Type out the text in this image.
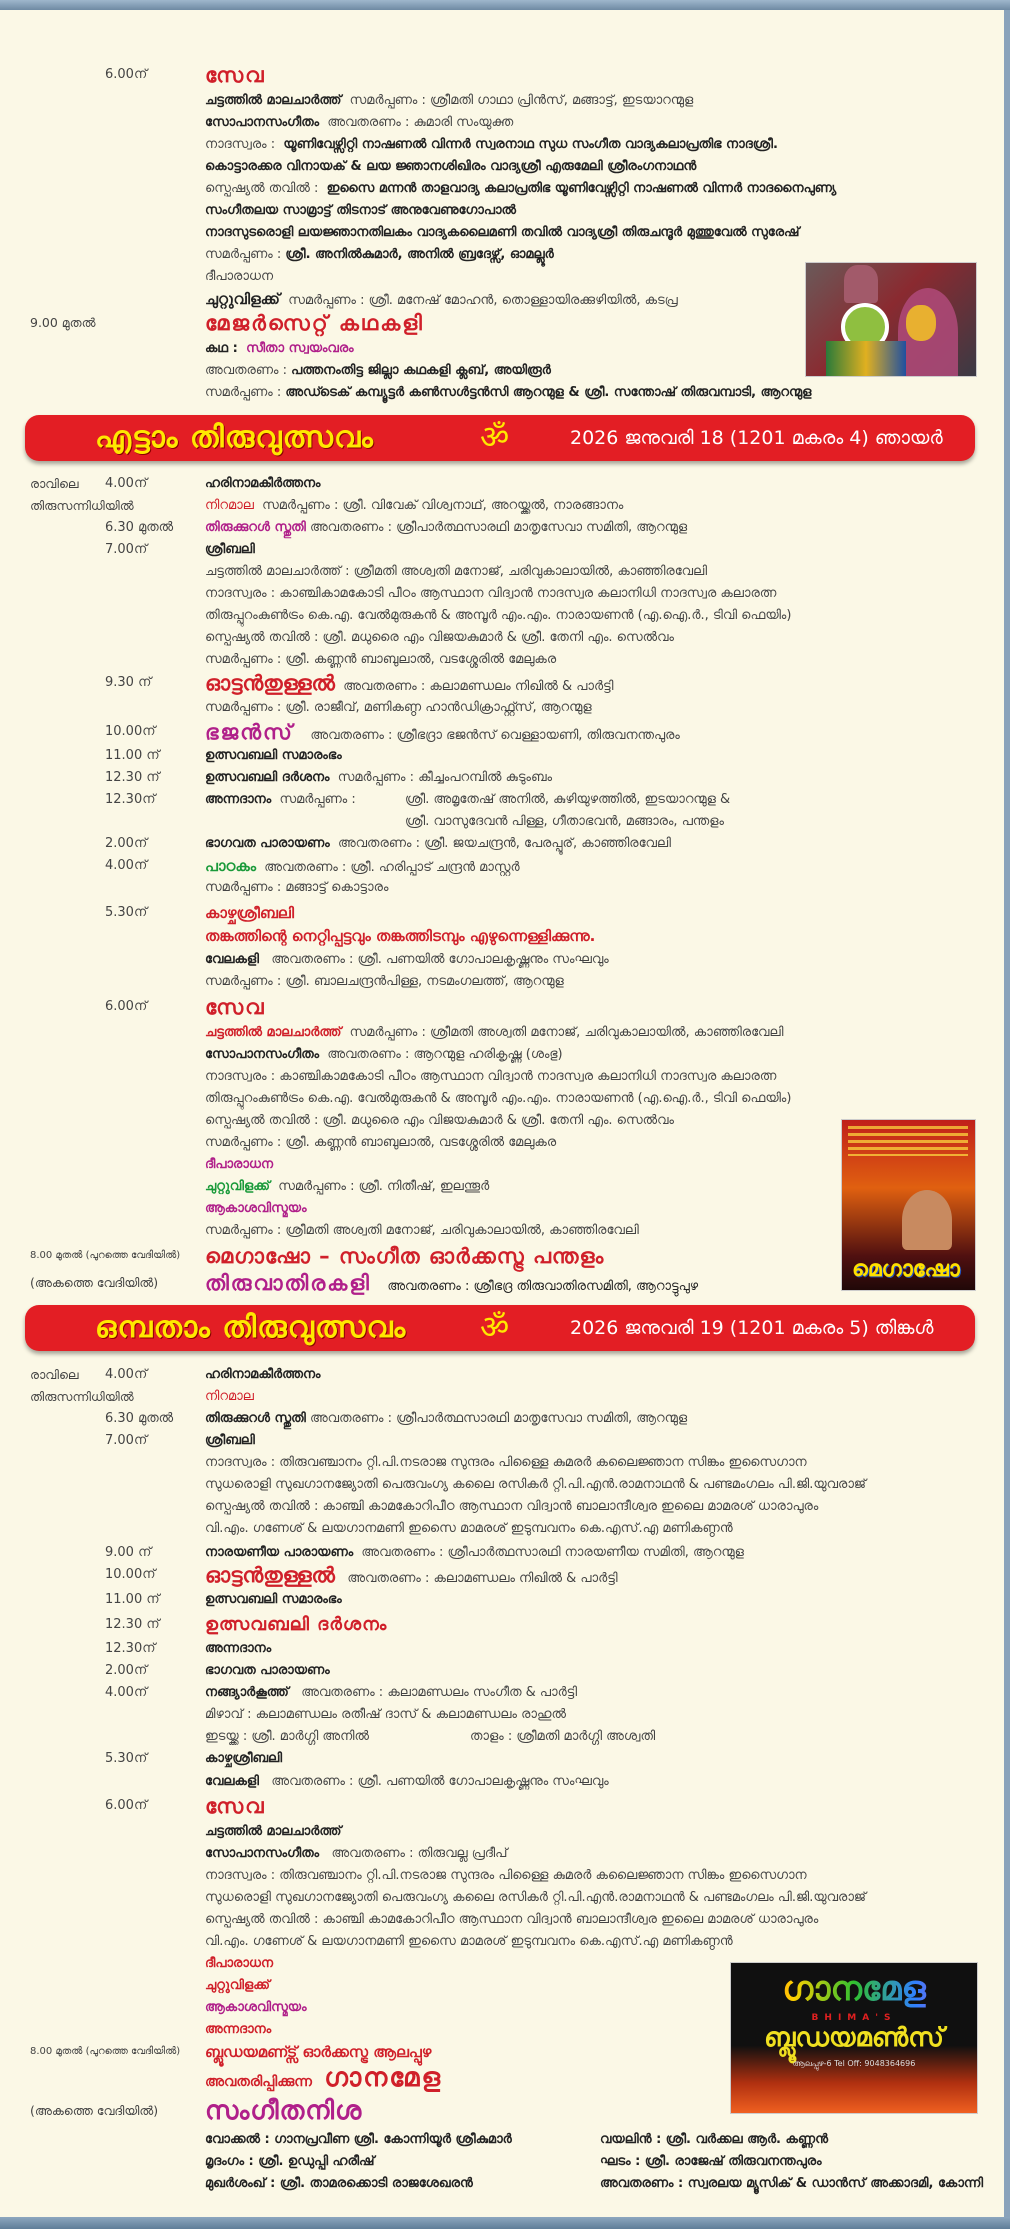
6.00ന്	സേവ
ചട്ടത്തിൽ മാലചാർത്ത് സമർപ്പണം : ശ്രീമതി ഗാഥാ പ്രിൻസ്, മങ്ങാട്ട്, ഇടയാറന്മുള
സോപാനസംഗീതം അവതരണം : കുമാരി സംയുക്ത
നാദസ്വരം : യൂണിവേഴ്സിറ്റി നാഷണൽ വിന്നർ സ്വരനാഥ സുധ സംഗീത വാദ്യകലാപ്രതിഭ നാദശ്രീ.
കൊട്ടാരക്കര വിനായക് & ലയ ജ്ഞാനശിഖിരം വാദ്യശ്രീ എരുമേലി ശ്രീരംഗനാഥൻ
സ്പെഷ്യൽ തവിൽ : ഇസൈ മന്നൻ താളവാദ്യ കലാപ്രതിഭ യൂണിവേഴ്സിറ്റി നാഷണൽ വിന്നർ നാദനൈപുണ്യ
സംഗീതലയ സാമ്രാട്ട് തിടനാട് അനുവേണുഗോപാൽ
നാദസുടരൊളി ലയജ്ഞാനതിലകം വാദ്യകലൈമണി തവിൽ വാദ്യശ്രീ തിരുചന്ദൂർ മുത്തുവേൽ സുരേഷ്
സമർപ്പണം : ശ്രീ. അനിൽകുമാർ, അനിൽ ബ്രദേഴ്സ്, ഓമല്ലൂർ
ദീപാരാധന
ചുറ്റുവിളക്ക് സമർപ്പണം : ശ്രീ. മനേഷ് മോഹൻ, തൊള്ളായിരക്കുഴിയിൽ, കടപ്ര
9.00 മുതൽ	മേജർസെറ്റ് കഥകളി
കഥ : സീതാ സ്വയംവരം
അവതരണം : പത്തനംതിട്ട ജില്ലാ കഥകളി ക്ലബ്, അയിരൂർ
സമർപ്പണം : അഡ്ടെക് കമ്പ്യൂട്ടർ കൺസൾട്ടൻസി ആറന്മുള & ശ്രീ. സന്തോഷ് തിരുവമ്പാടി, ആറന്മുള
എട്ടാം തിരുവുത്സവം	ॐ	2026 ജനുവരി 18 (1201 മകരം 4) ഞായർ
രാവിലെ 4.00ന്	ഹരിനാമകീർത്തനം
തിരുസന്നിധിയിൽ	നിറമാല സമർപ്പണം : ശ്രീ. വിവേക് വിശ്വനാഥ്, അറയ്ക്കൽ, നാരങ്ങാനം
6.30 മുതൽ തിരുക്കുറൾ സ്തുതി അവതരണം : ശ്രീപാർത്ഥസാരഥി മാതൃസേവാ സമിതി, ആറന്മുള
7.00ന്	ശ്രീബലി
ചട്ടത്തിൽ മാലചാർത്ത് : ശ്രീമതി അശ്വതി മനോജ്, ചരിവുകാലായിൽ, കാഞ്ഞിരവേലി
നാദസ്വരം : കാഞ്ചികാമകോടി പീഠം ആസ്ഥാന വിദ്വാൻ നാദസ്വര കലാനിധി നാദസ്വര കലാരത്ന
തിരുപ്പുറംകുൺട്രം കെ.എ. വേൽമുരുകൻ & അമ്പൂർ എം.എം. നാരായണൻ (എ.ഐ.ർ., ടിവി ഫെയിം)
സ്പെഷ്യൽ തവിൽ : ശ്രീ. മധുരൈ എം വിജയകുമാർ & ശ്രീ. തേനി എം. സെൽവം
സമർപ്പണം : ശ്രീ. കണ്ണൻ ബാബുലാൽ, വടശ്ശേരിൽ മേലുകര
9.30 ന്	ഓട്ടൻതുള്ളൽ അവതരണം : കലാമണ്ഡലം നിഖിൽ & പാർട്ടി
സമർപ്പണം : ശ്രീ. രാജീവ്, മണികണ്ഠ ഹാൻഡിക്രാഫ്റ്റ്സ്, ആറന്മുള
10.00ന് ഭജൻസ് അവതരണം : ശ്രീഭദ്രാ ഭജൻസ് വെള്ളായണി, തിരുവനന്തപുരം
11.00 ന്	ഉത്സവബലി സമാരംഭം
12.30 ന്	ഉത്സവബലി ദർശനം സമർപ്പണം : കീച്ചംപറമ്പിൽ കുടുംബം
12.30ന്	അന്നദാനം സമർപ്പണം :	ശ്രീ. അമൃതേഷ് അനിൽ, കുഴിയുഴത്തിൽ, ഇടയാറന്മുള &
ശ്രീ. വാസുദേവൻ പിള്ള, ഗീതാഭവൻ, മങ്ങാരം, പന്തളം
2.00ന്	ഭാഗവത പാരായണം അവതരണം : ശ്രീ. ജയചന്ദ്രൻ, പേരപ്പൂര്, കാഞ്ഞിരവേലി
4.00ന്	പാഠകം അവതരണം : ശ്രീ. ഹരിപ്പാട് ചന്ദ്രൻ മാസ്റ്റർ
സമർപ്പണം : മങ്ങാട്ട് കൊട്ടാരം
5.30ന്	കാഴ്ചശ്രീബലി
തങ്കത്തിന്റെ നെറ്റിപ്പട്ടവും തങ്കത്തിടമ്പും എഴുന്നെള്ളിക്കുന്നു.
വേലകളി അവതരണം : ശ്രീ. പണയിൽ ഗോപാലകൃഷ്ണനും സംഘവും
സമർപ്പണം : ശ്രീ. ബാലചന്ദ്രൻപിള്ള, നടമംഗലത്ത്, ആറന്മുള
6.00ന്	സേവ
ചട്ടത്തിൽ മാലചാർത്ത് സമർപ്പണം : ശ്രീമതി അശ്വതി മനോജ്, ചരിവുകാലായിൽ, കാഞ്ഞിരവേലി
സോപാനസംഗീതം അവതരണം : ആറന്മുള ഹരികൃഷ്ണ (ശംഭു)
നാദസ്വരം : കാഞ്ചികാമകോടി പീഠം ആസ്ഥാന വിദ്വാൻ നാദസ്വര കലാനിധി നാദസ്വര കലാരത്ന
തിരുപ്പുറംകുൺട്രം കെ.എ. വേൽമുരുകൻ & അമ്പൂർ എം.എം. നാരായണൻ (എ.ഐ.ർ., ടിവി ഫെയിം)
സ്പെഷ്യൽ തവിൽ : ശ്രീ. മധുരൈ എം വിജയകുമാർ & ശ്രീ. തേനി എം. സെൽവം
സമർപ്പണം : ശ്രീ. കണ്ണൻ ബാബുലാൽ, വടശ്ശേരിൽ മേലുകര
ദീപാരാധന
ചുറ്റുവിളക്ക് സമർപ്പണം : ശ്രീ. നിതീഷ്, ഇലന്തൂർ
ആകാശവിസ്മയം
സമർപ്പണം : ശ്രീമതി അശ്വതി മനോജ്, ചരിവുകാലായിൽ, കാഞ്ഞിരവേലി
8.00 മുതൽ (പുറത്തെ വേദിയിൽ) മെഗാഷോ – സംഗീത ഓർക്കസ്ട്ര പന്തളം
(അകത്തെ വേദിയിൽ) തിരുവാതിരകളി അവതരണം : ശ്രീഭദ്ര തിരുവാതിരസമിതി, ആറാട്ടുപുഴ
മെഗാഷോ
ഒമ്പതാം തിരുവുത്സവം ॐ	2026 ജനുവരി 19 (1201 മകരം 5) തിങ്കൾ
രാവിലെ 4.00ന്	ഹരിനാമകീർത്തനം
തിരുസന്നിധിയിൽ	നിറമാല
6.30 മുതൽ തിരുക്കുറൾ സ്തുതി അവതരണം : ശ്രീപാർത്ഥസാരഥി മാതൃസേവാ സമിതി, ആറന്മുള
7.00ന്	ശ്രീബലി
നാദസ്വരം : തിരുവഞ്ചാനം റ്റി.പി.നടരാജ സുന്ദരം പിള്ളൈ കുമരർ കലൈജ്ഞാന സിങ്കം ഇസൈഗാന
സുധരൊളി സുഖഗാനജ്യോതി പെരുവംഗ്യ കലൈ രസികർ റ്റി.പി.എൻ.രാമനാഥൻ & പണ്ടമംഗലം പി.ജി.യുവരാജ്
സ്പെഷ്യൽ തവിൽ : കാഞ്ചി കാമകോറിപീഠ ആസ്ഥാന വിദ്വാൻ ബാലാന്ദീശ്വര ഇലൈ മാമരശ് ധാരാപുരം
വി.എം. ഗണേശ് & ലയഗാനമണി ഇസൈ മാമരശ് ഇടുമ്പവനം കെ.എസ്.എ മണികണ്ഠൻ
9.00 ന്	നാരയണീയ പാരായണം അവതരണം : ശ്രീപാർത്ഥസാരഥി നാരയണീയ സമിതി, ആറന്മുള
10.00ന് ഓട്ടൻതുള്ളൽ അവതരണം : കലാമണ്ഡലം നിഖിൽ & പാർട്ടി
11.00 ന്	ഉത്സവബലി സമാരംഭം
12.30 ന്	ഉത്സവബലി ദർശനം
12.30ന്	അന്നദാനം
2.00ന്	ഭാഗവത പാരായണം
4.00ന്	നങ്ങ്യാർകൂത്ത് അവതരണം : കലാമണ്ഡലം സംഗീത & പാർട്ടി
മിഴാവ് : കലാമണ്ഡലം രതീഷ് ദാസ് & കലാമണ്ഡലം രാഹുൽ
ഇടയ്ക്ക : ശ്രീ. മാർഗ്ഗി അനിൽ	താളം : ശ്രീമതി മാർഗ്ഗി അശ്വതി
5.30ന്	കാഴ്ചശ്രീബലി
വേലകളി അവതരണം : ശ്രീ. പണയിൽ ഗോപാലകൃഷ്ണനും സംഘവും
6.00ന്	സേവ
ചട്ടത്തിൽ മാലചാർത്ത്
സോപാനസംഗീതം അവതരണം : തിരുവല്ല പ്രദീപ്
നാദസ്വരം : തിരുവഞ്ചാനം റ്റി.പി.നടരാജ സുന്ദരം പിള്ളൈ കുമരർ കലൈജ്ഞാന സിങ്കം ഇസൈഗാന
സുധരൊളി സുഖഗാനജ്യോതി പെരുവംഗ്യ കലൈ രസികർ റ്റി.പി.എൻ.രാമനാഥൻ & പണ്ടമംഗലം പി.ജി.യുവരാജ്
സ്പെഷ്യൽ തവിൽ : കാഞ്ചി കാമകോറിപീഠ ആസ്ഥാന വിദ്വാൻ ബാലാന്ദീശ്വര ഇലൈ മാമരശ് ധാരാപുരം
വി.എം. ഗണേശ് & ലയഗാനമണി ഇസൈ മാമരശ് ഇടുമ്പവനം കെ.എസ്.എ മണികണ്ഠൻ
ദീപാരാധന
ചുറ്റുവിളക്ക്
ആകാശവിസ്മയം
അന്നദാനം
8.00 മുതൽ (പുറത്തെ വേദിയിൽ) ബ്ലൂഡയമണ്ട്സ് ഓർക്കസ്ട്ര ആലപ്പുഴ
അവതരിപ്പിക്കുന്ന ഗാനമേള
(അകത്തെ വേദിയിൽ) സംഗീതനിശ
വോക്കൽ : ഗാനപ്രവീണ ശ്രീ. കോന്നിയൂർ ശ്രീകുമാർ	വയലിൻ : ശ്രീ. വർക്കല ആർ. കണ്ണൻ
മൃദംഗം : ശ്രീ. ഉഡുപ്പി ഹരീഷ്	ഘടം : ശ്രീ. രാജേഷ് തിരുവനന്തപുരം
മുഖർശംഖ് : ശ്രീ. താമരക്കൊടി രാജശേഖരൻ	അവതരണം : സ്വരലയ മ്യൂസിക് & ഡാൻസ് അക്കാദമി, കോന്നി
ഗാനമേള
BHIMA'S
ബ്ലൂഡയമൺസ്
ആലപ്പുഴ-6 Tel Off: 9048364696
